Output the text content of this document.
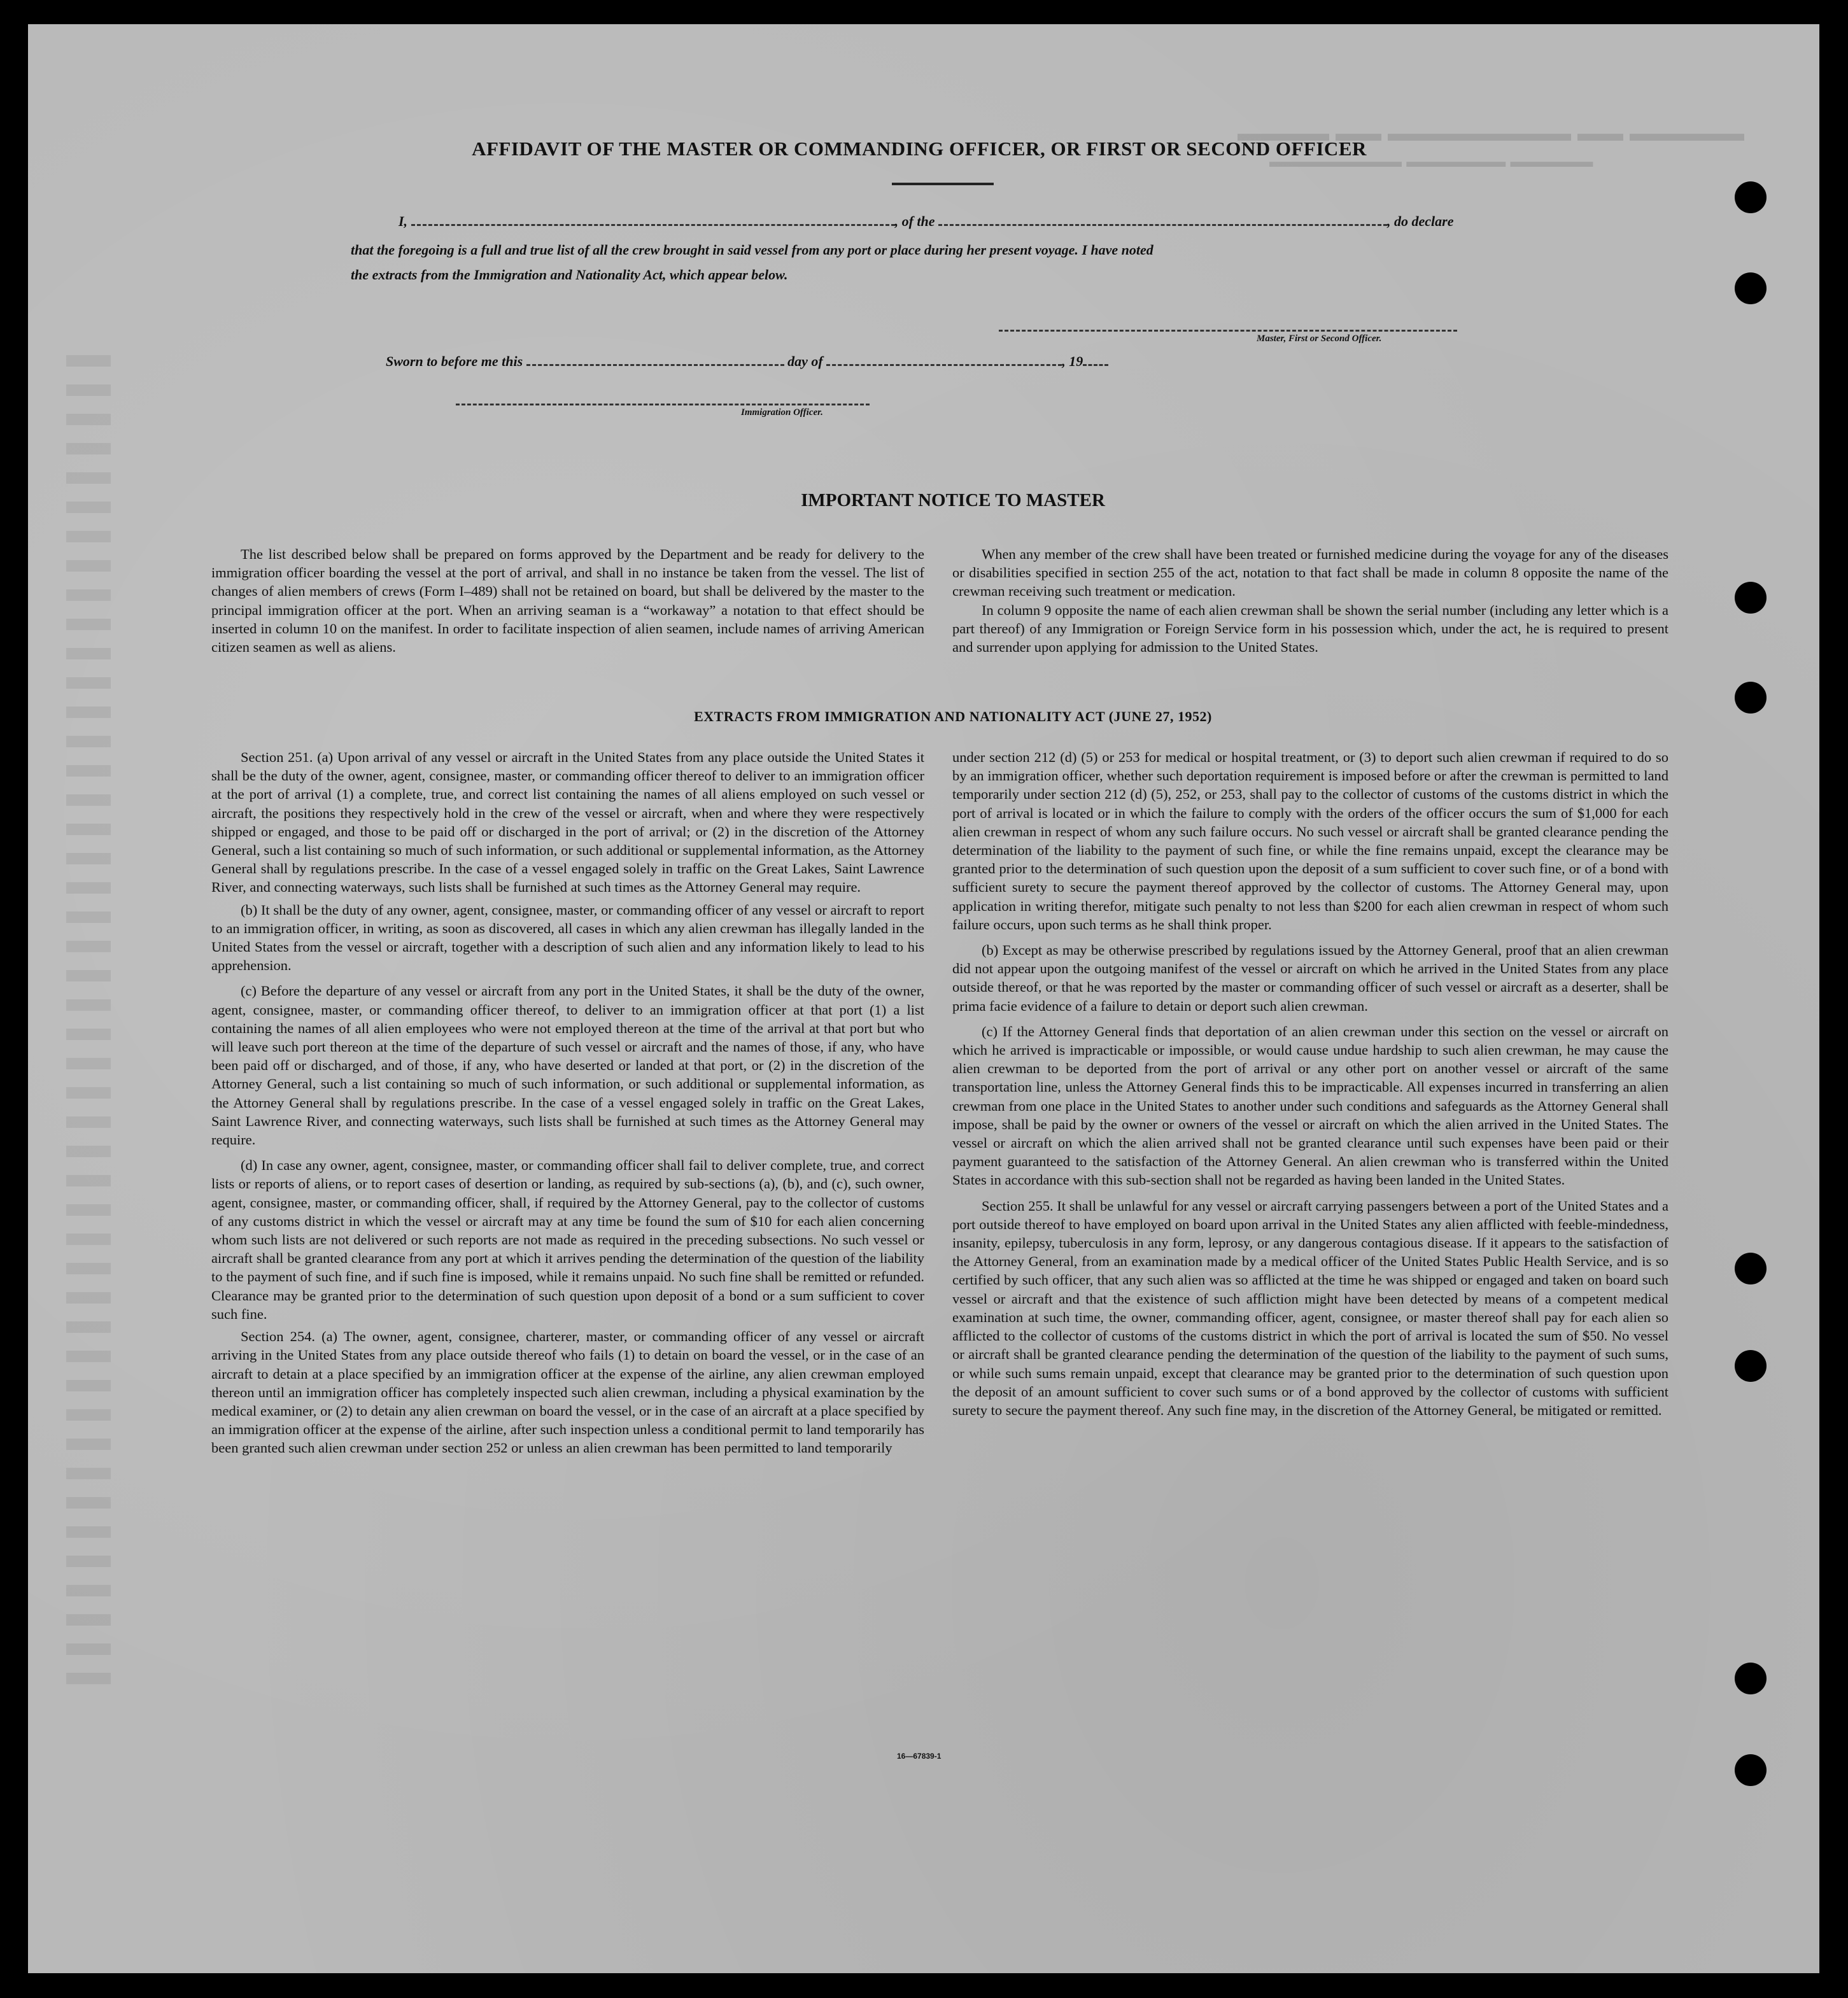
▬▬▬▬ ▬▬ ▬▬▬▬▬▬▬▬ ▬▬ ▬▬▬▬▬
▬▬▬▬▬▬▬▬ ▬▬▬▬▬▬ ▬▬▬▬▬
AFFIDAVIT OF THE MASTER OR COMMANDING OFFICER, OR FIRST OR SECOND OFFICER
I,	, of the	, do declare
that the foregoing is a full and true list of all the crew brought in said vessel from any port or place during her present voyage. I have noted
the extracts from the Immigration and Nationality Act, which appear below.
Master, First or Second Officer.
Sworn to before me this	day of	, 19
Immigration Officer.
IMPORTANT NOTICE TO MASTER

The list described below shall be prepared on forms approved by the Department and be ready for delivery to the immigration officer boarding the vessel at the port of arrival, and shall in no instance be taken from the vessel. The list of changes of alien members of crews (Form I–489) shall not be retained on board, but shall be delivered by the master to the principal immigration officer at the port. When an arriving seaman is a “workaway” a notation to that effect should be inserted in column 10 on the manifest. In order to facilitate inspection of alien seamen, include names of arriving American citizen seamen as well as aliens.

When any member of the crew shall have been treated or furnished medicine during the voyage for any of the diseases or disabilities specified in section 255 of the act, notation to that fact shall be made in column 8 opposite the name of the crewman receiving such treatment or medication.

In column 9 opposite the name of each alien crewman shall be shown the serial number (including any letter which is a part thereof) of any Immigration or Foreign Service form in his possession which, under the act, he is required to present and surrender upon applying for admission to the United States.

EXTRACTS FROM IMMIGRATION AND NATIONALITY ACT (JUNE 27, 1952)

Section 251. (a) Upon arrival of any vessel or aircraft in the United States from any place outside the United States it shall be the duty of the owner, agent, consignee, master, or commanding officer thereof to deliver to an immigration officer at the port of arrival (1) a complete, true, and correct list containing the names of all aliens employed on such vessel or aircraft, the positions they respectively hold in the crew of the vessel or aircraft, when and where they were respectively shipped or engaged, and those to be paid off or discharged in the port of arrival; or (2) in the discretion of the Attorney General, such a list containing so much of such information, or such additional or supplemental information, as the Attorney General shall by regulations prescribe. In the case of a vessel engaged solely in traffic on the Great Lakes, Saint Lawrence River, and connecting waterways, such lists shall be furnished at such times as the Attorney General may require.

(b) It shall be the duty of any owner, agent, consignee, master, or commanding officer of any vessel or aircraft to report to an immigration officer, in writing, as soon as discovered, all cases in which any alien crewman has illegally landed in the United States from the vessel or aircraft, together with a description of such alien and any information likely to lead to his apprehension.

(c) Before the departure of any vessel or aircraft from any port in the United States, it shall be the duty of the owner, agent, consignee, master, or commanding officer thereof, to deliver to an immigration officer at that port (1) a list containing the names of all alien employees who were not employed thereon at the time of the arrival at that port but who will leave such port thereon at the time of the departure of such vessel or aircraft and the names of those, if any, who have been paid off or discharged, and of those, if any, who have deserted or landed at that port, or (2) in the discretion of the Attorney General, such a list containing so much of such information, or such additional or supplemental information, as the Attorney General shall by regulations prescribe. In the case of a vessel engaged solely in traffic on the Great Lakes, Saint Lawrence River, and connecting waterways, such lists shall be furnished at such times as the Attorney General may require.

(d) In case any owner, agent, consignee, master, or commanding officer shall fail to deliver complete, true, and correct lists or reports of aliens, or to report cases of desertion or landing, as required by sub-sections (a), (b), and (c), such owner, agent, consignee, master, or commanding officer, shall, if required by the Attorney General, pay to the collector of customs of any customs district in which the vessel or aircraft may at any time be found the sum of $10 for each alien concerning whom such lists are not delivered or such reports are not made as required in the preceding subsections. No such vessel or aircraft shall be granted clearance from any port at which it arrives pending the determination of the question of the liability to the payment of such fine, and if such fine is imposed, while it remains unpaid. No such fine shall be remitted or refunded. Clearance may be granted prior to the determination of such question upon deposit of a bond or a sum sufficient to cover such fine.

Section 254. (a) The owner, agent, consignee, charterer, master, or commanding officer of any vessel or aircraft arriving in the United States from any place outside thereof who fails (1) to detain on board the vessel, or in the case of an aircraft to detain at a place specified by an immigration officer at the expense of the airline, any alien crewman employed thereon until an immigration officer has completely inspected such alien crewman, including a physical examination by the medical examiner, or (2) to detain any alien crewman on board the vessel, or in the case of an aircraft at a place specified by an immigration officer at the expense of the airline, after such inspection unless a conditional permit to land temporarily has been granted such alien crewman under section 252 or unless an alien crewman has been permitted to land temporarily

under section 212 (d) (5) or 253 for medical or hospital treatment, or (3) to deport such alien crewman if required to do so by an immigration officer, whether such deportation requirement is imposed before or after the crewman is permitted to land temporarily under section 212 (d) (5), 252, or 253, shall pay to the collector of customs of the customs district in which the port of arrival is located or in which the failure to comply with the orders of the officer occurs the sum of $1,000 for each alien crewman in respect of whom any such failure occurs. No such vessel or aircraft shall be granted clearance pending the determination of the liability to the payment of such fine, or while the fine remains unpaid, except the clearance may be granted prior to the determination of such question upon the deposit of a sum sufficient to cover such fine, or of a bond with sufficient surety to secure the payment thereof approved by the collector of customs. The Attorney General may, upon application in writing therefor, mitigate such penalty to not less than $200 for each alien crewman in respect of whom such failure occurs, upon such terms as he shall think proper.

(b) Except as may be otherwise prescribed by regulations issued by the Attorney General, proof that an alien crewman did not appear upon the outgoing manifest of the vessel or aircraft on which he arrived in the United States from any place outside thereof, or that he was reported by the master or commanding officer of such vessel or aircraft as a deserter, shall be prima facie evidence of a failure to detain or deport such alien crewman.

(c) If the Attorney General finds that deportation of an alien crewman under this section on the vessel or aircraft on which he arrived is impracticable or impossible, or would cause undue hardship to such alien crewman, he may cause the alien crewman to be deported from the port of arrival or any other port on another vessel or aircraft of the same transportation line, unless the Attorney General finds this to be impracticable. All expenses incurred in transferring an alien crewman from one place in the United States to another under such conditions and safeguards as the Attorney General shall impose, shall be paid by the owner or owners of the vessel or aircraft on which the alien arrived in the United States. The vessel or aircraft on which the alien arrived shall not be granted clearance until such expenses have been paid or their payment guaranteed to the satisfaction of the Attorney General. An alien crewman who is transferred within the United States in accordance with this sub-section shall not be regarded as having been landed in the United States.

Section 255. It shall be unlawful for any vessel or aircraft carrying passengers between a port of the United States and a port outside thereof to have employed on board upon arrival in the United States any alien afflicted with feeble-mindedness, insanity, epilepsy, tuberculosis in any form, leprosy, or any dangerous contagious disease. If it appears to the satisfaction of the Attorney General, from an examination made by a medical officer of the United States Public Health Service, and is so certified by such officer, that any such alien was so afflicted at the time he was shipped or engaged and taken on board such vessel or aircraft and that the existence of such affliction might have been detected by means of a competent medical examination at such time, the owner, commanding officer, agent, consignee, or master thereof shall pay for each alien so afflicted to the collector of customs of the customs district in which the port of arrival is located the sum of $50. No vessel or aircraft shall be granted clearance pending the determination of the question of the liability to the payment of such sums, or while such sums remain unpaid, except that clearance may be granted prior to the determination of such question upon the deposit of an amount sufficient to cover such sums or of a bond approved by the collector of customs with sufficient surety to secure the payment thereof. Any such fine may, in the discretion of the Attorney General, be mitigated or remitted.

16—67839-1
